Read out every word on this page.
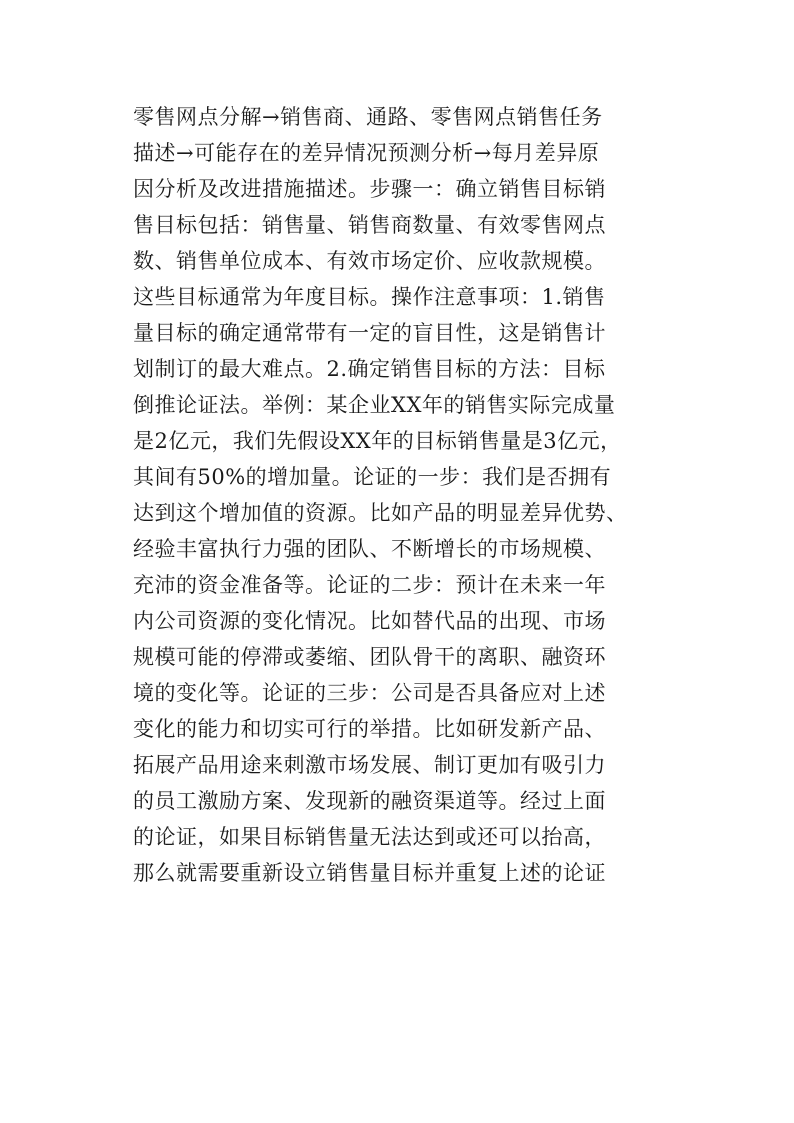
零售网点分解→销售商、通路、零售网点销售任务
描述→可能存在的差异情况预测分析→每月差异原
因分析及改进措施描述。步骤一：确立销售目标销
售目标包括：销售量、销售商数量、有效零售网点
数、销售单位成本、有效市场定价、应收款规模。
这些目标通常为年度目标。操作注意事项：1.销售
量目标的确定通常带有一定的盲目性，这是销售计
划制订的最大难点。2.确定销售目标的方法：目标
倒推论证法。举例：某企业XX年的销售实际完成量
是2亿元，我们先假设XX年的目标销售量是3亿元，
其间有50%的增加量。论证的一步：我们是否拥有
达到这个增加值的资源。比如产品的明显差异优势、
经验丰富执行力强的团队、不断增长的市场规模、
充沛的资金准备等。论证的二步：预计在未来一年
内公司资源的变化情况。比如替代品的出现、市场
规模可能的停滞或萎缩、团队骨干的离职、融资环
境的变化等。论证的三步：公司是否具备应对上述
变化的能力和切实可行的举措。比如研发新产品、
拓展产品用途来刺激市场发展、制订更加有吸引力
的员工激励方案、发现新的融资渠道等。经过上面
的论证，如果目标销售量无法达到或还可以抬高，
那么就需要重新设立销售量目标并重复上述的论证
